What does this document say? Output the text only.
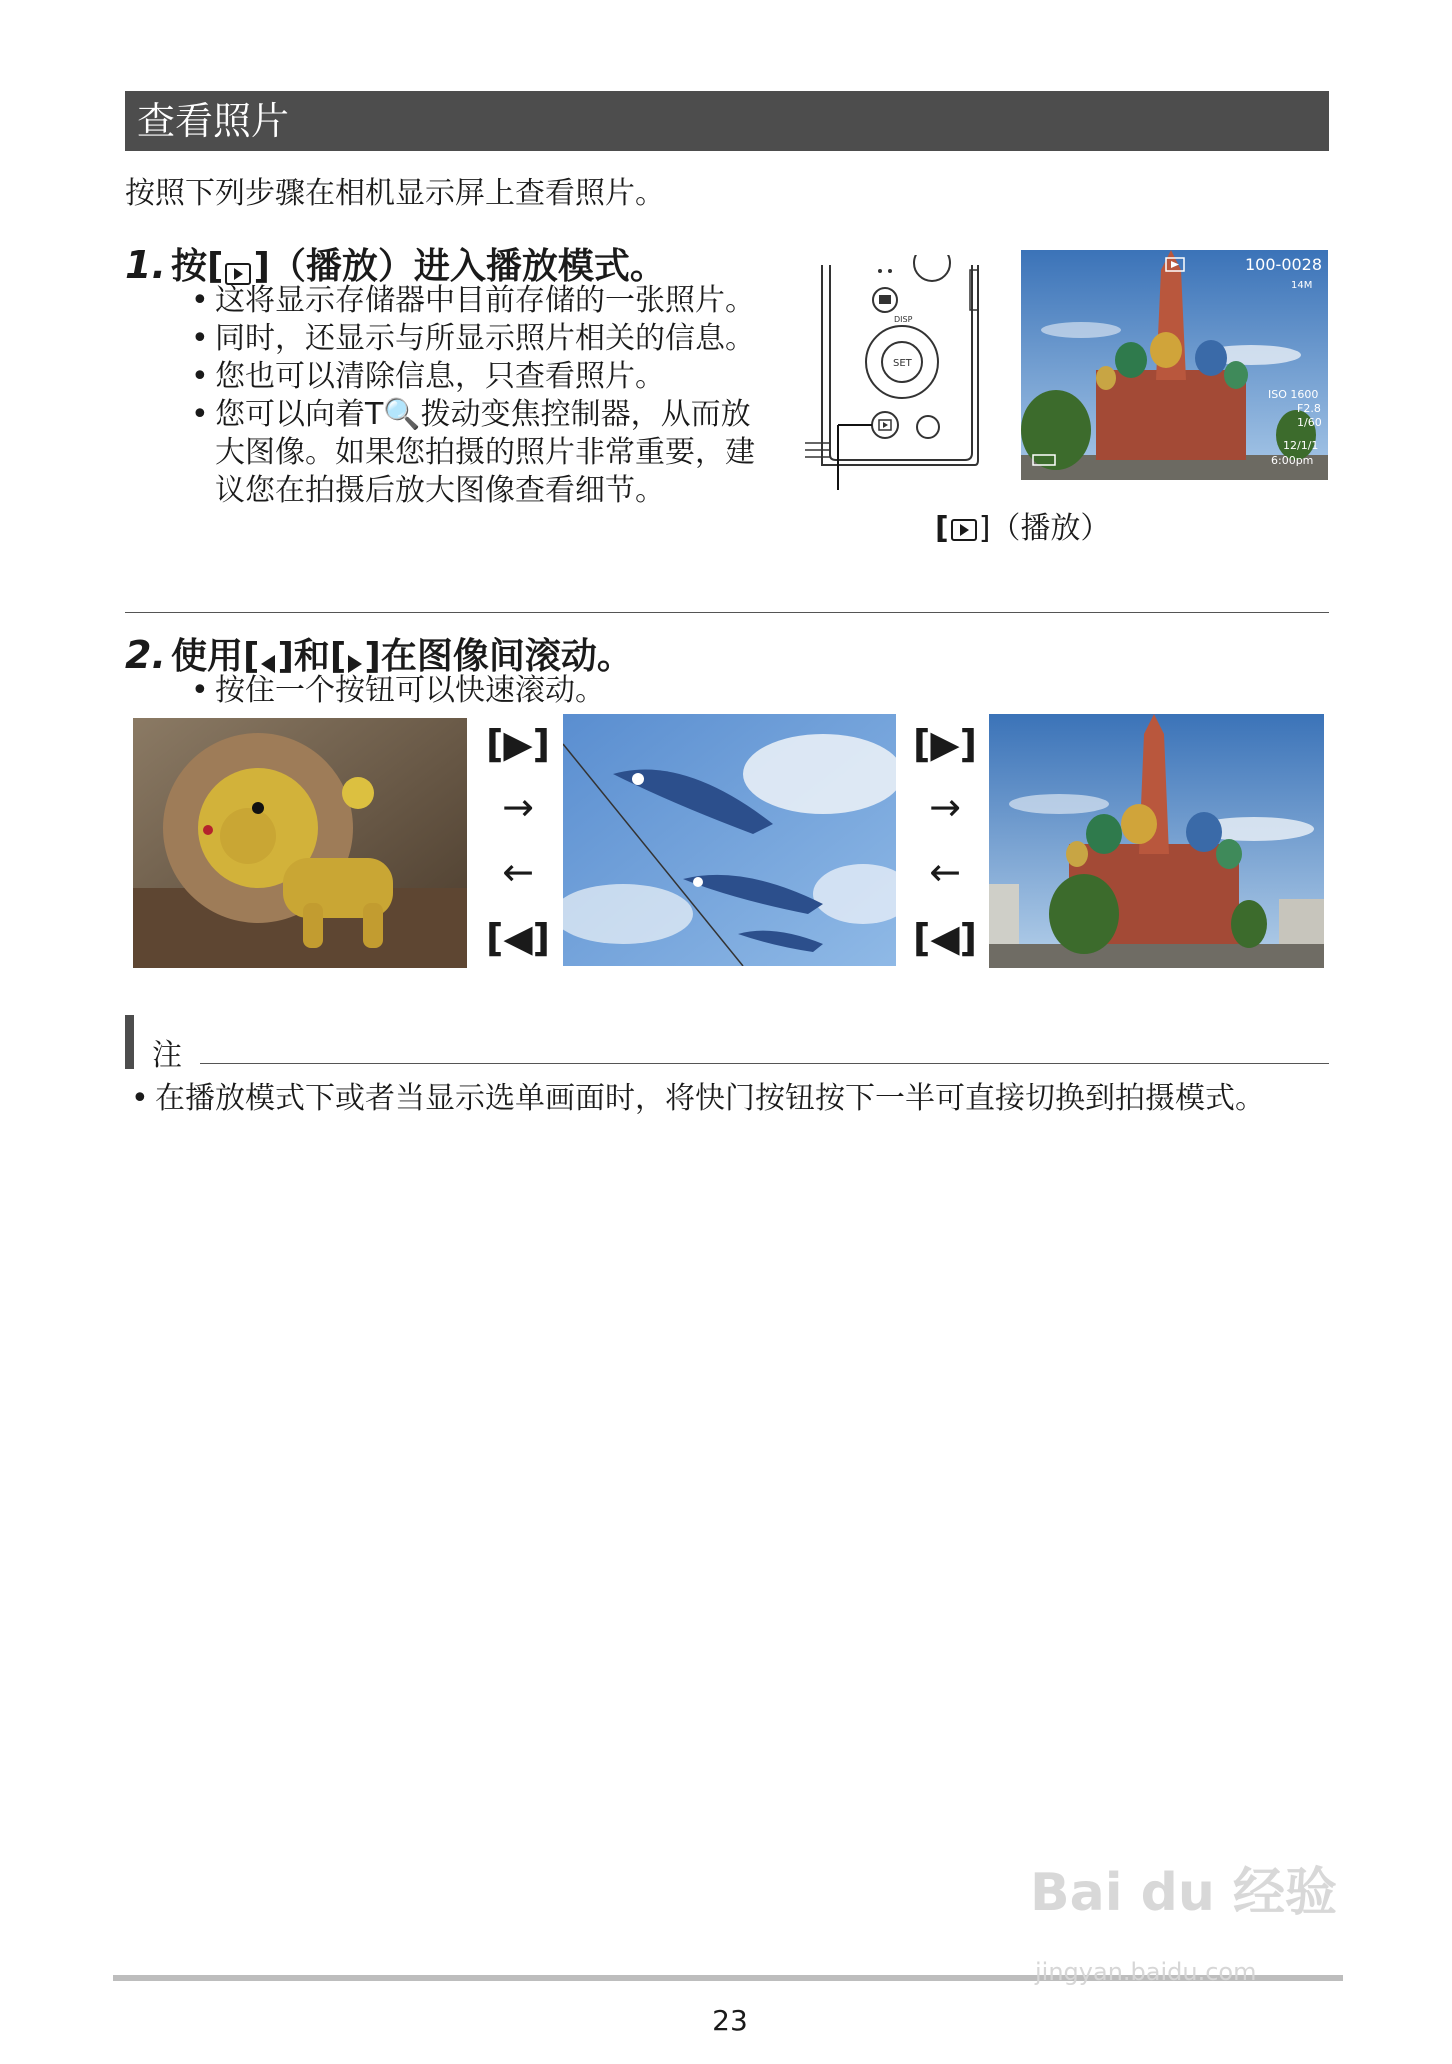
查看照片
按照下列步骤在相机显示屏上查看照片。
1. 按[ ]（播放）进入播放模式。
• 这将显示存储器中目前存储的一张照片。
• 同时，还显示与所显示照片相关的信息。
• 您也可以清除信息，只查看照片。
• 您可以向着T🔍拨动变焦控制器，从而放大图像。如果您拍摄的照片非常重要，建议您在拍摄后放大图像查看细节。
DISP
SET
100-0028
14M
ISO 1600
F2.8
1/60
12/1/1
6:00pm
[ ]（播放）
2. 使用[ ]和[ ]在图像间滚动。
• 按住一个按钮可以快速滚动。
[▶]
→
←
[◀]
[▶]
→
←
[◀]
注
• 在播放模式下或者当显示选单画面时，将快门按钮按下一半可直接切换到拍摄模式。
23
Bai du 经验
jingyan.baidu.com
